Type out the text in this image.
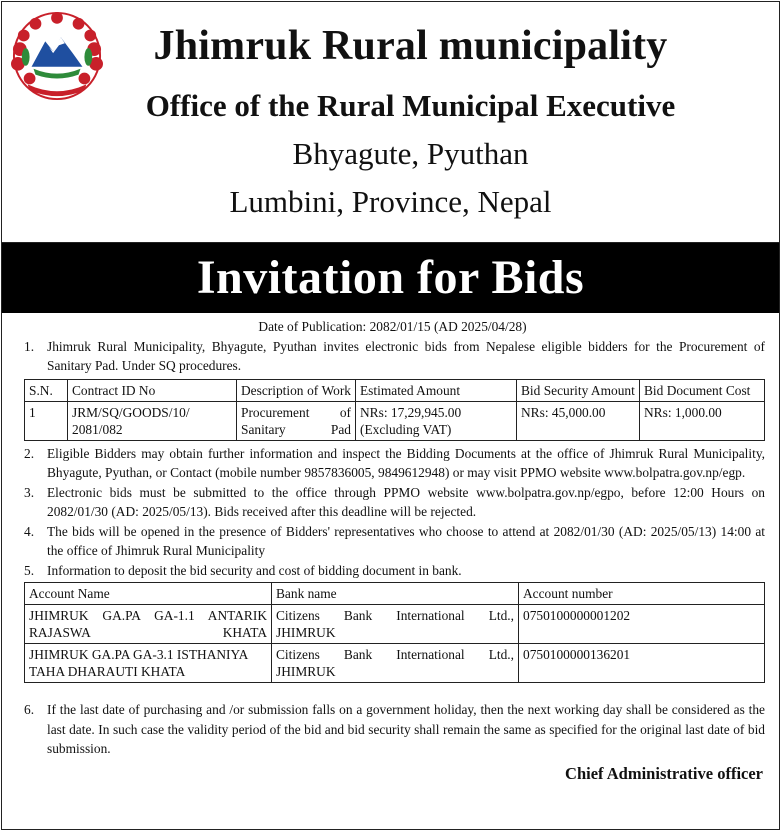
Jhimruk Rural municipality
Office of the Rural Municipal Executive
Bhyagute, Pyuthan
Lumbini, Province, Nepal
Invitation for Bids
Date of Publication: 2082/01/15 (AD 2025/04/28)
1. Jhimruk Rural Municipality, Bhyagute, Pyuthan invites electronic bids from Nepalese eligible bidders for the Procurement of Sanitary Pad. Under SQ procedures.
S.N.	Contract ID No	Description of Work	Estimated Amount	Bid Security Amount	Bid Document Cost
1	JRM/SQ/GOODS/10/ 2081/082	Procurement of Sanitary Pad	NRs: 17,29,945.00 (Excluding VAT)	NRs: 45,000.00	NRs: 1,000.00
2. Eligible Bidders may obtain further information and inspect the Bidding Documents at the office of Jhimruk Rural Municipality, Bhyagute, Pyuthan, or Contact (mobile number 9857836005, 9849612948) or may visit PPMO website www.bolpatra.gov.np/egp.
3. Electronic bids must be submitted to the office through PPMO website www.bolpatra.gov.np/egpo, before 12:00 Hours on 2082/01/30 (AD: 2025/05/13). Bids received after this deadline will be rejected.
4. The bids will be opened in the presence of Bidders' representatives who choose to attend at 2082/01/30 (AD: 2025/05/13) 14:00 at the office of Jhimruk Rural Municipality
5. Information to deposit the bid security and cost of bidding document in bank.
Account Name	Bank name	Account number
JHIMRUK GA.PA GA-1.1 ANTARIK RAJASWA KHATA	Citizens Bank International Ltd., JHIMRUK	0750100000001202
JHIMRUK GA.PA GA-3.1 ISTHANIYA TAHA DHARAUTI KHATA	Citizens Bank International Ltd., JHIMRUK	0750100000136201
6. If the last date of purchasing and /or submission falls on a government holiday, then the next working day shall be considered as the last date. In such case the validity period of the bid and bid security shall remain the same as specified for the original last date of bid submission.
Chief Administrative officer
